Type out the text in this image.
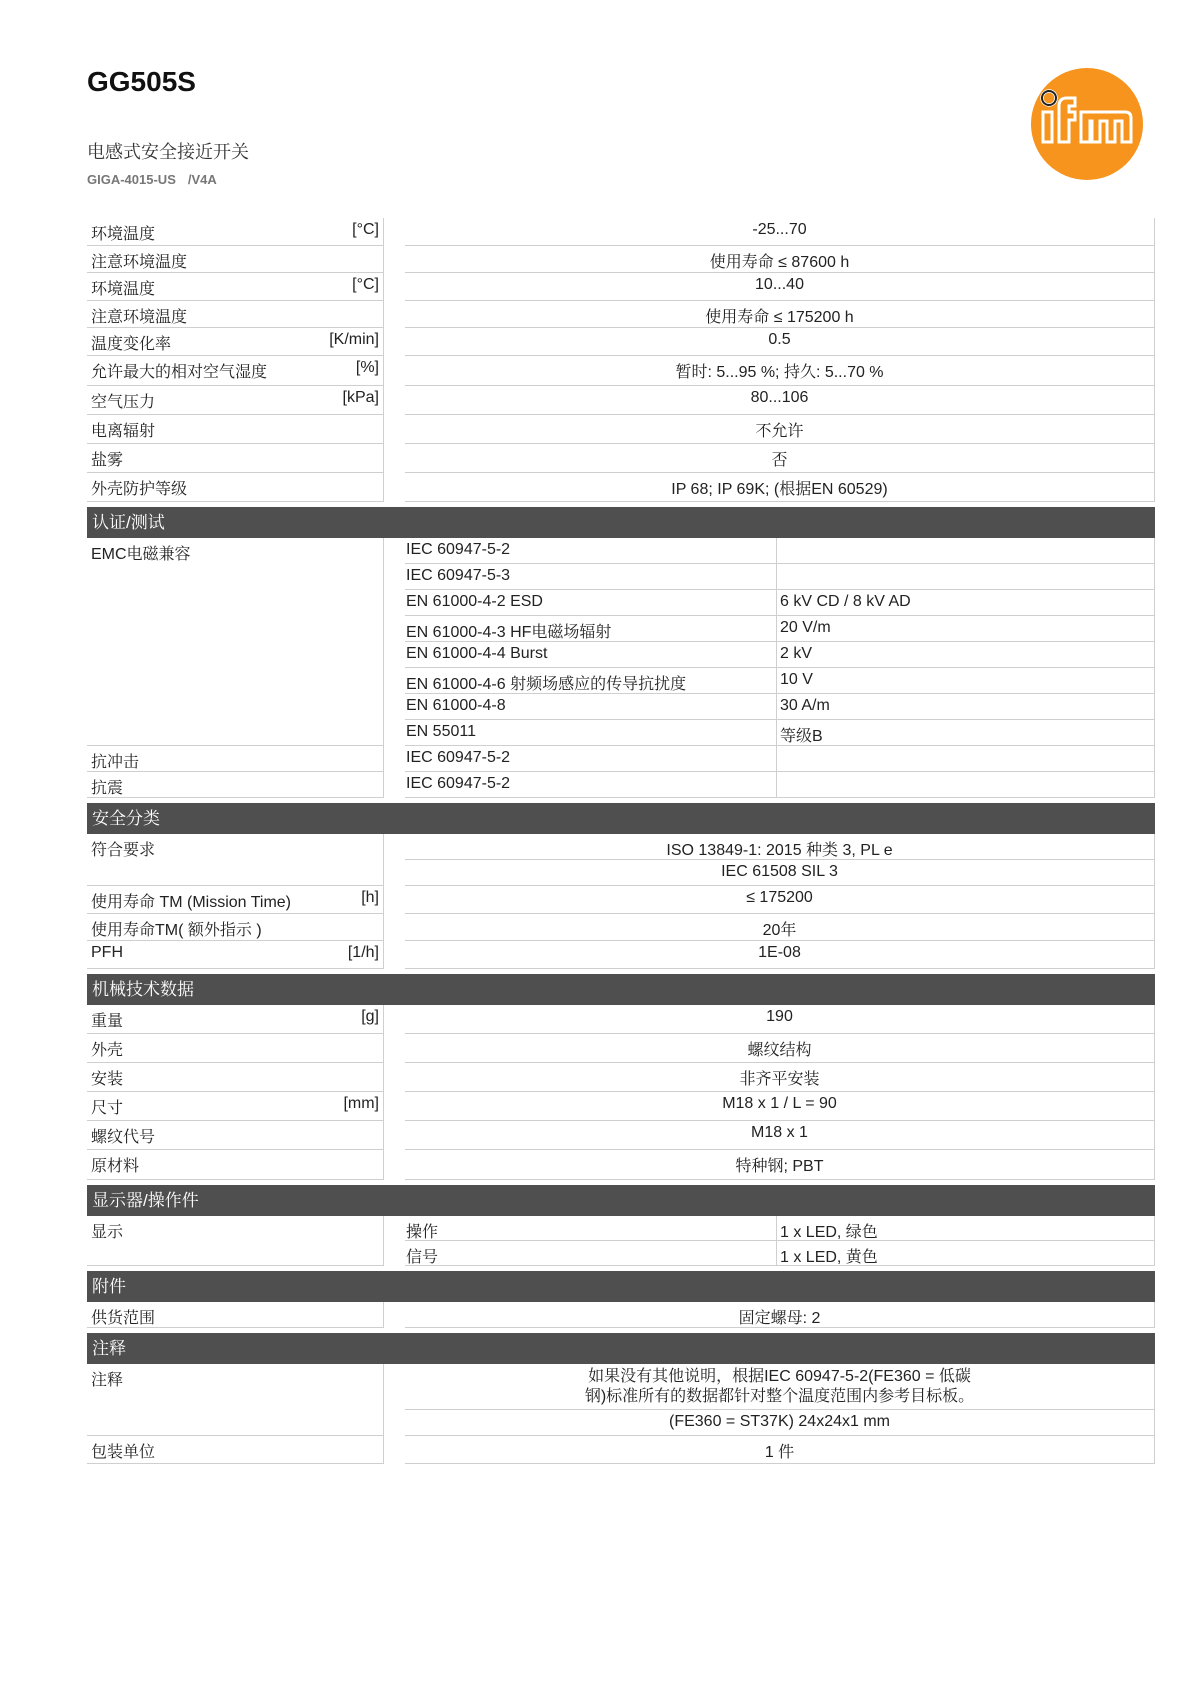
GG505S
电感式安全接近开关
GIGA-4015-US /V4A
ifm
环境温度	[°C]	-25...70
注意环境温度	使用寿命 ≤ 87600 h
环境温度	[°C]	10...40
注意环境温度	使用寿命 ≤ 175200 h
温度变化率	[K/min]	0.5
允许最大的相对空气湿度	[%]	暂时: 5...95 %; 持久: 5...70 %
空气压力	[kPa]	80...106
电离辐射	不允许
盐雾	否
外壳防护等级	IP 68; IP 69K; (根据EN 60529)
认证/测试
EMC电磁兼容	IEC 60947-5-2
IEC 60947-5-3
EN 61000-4-2 ESD	6 kV CD / 8 kV AD
EN 61000-4-3 HF电磁场辐射	20 V/m
EN 61000-4-4 Burst	2 kV
EN 61000-4-6 射频场感应的传导抗扰度	10 V
EN 61000-4-8	30 A/m
EN 55011	等级B
抗冲击	IEC 60947-5-2
抗震	IEC 60947-5-2
安全分类
符合要求	ISO 13849-1: 2015 种类 3, PL e
IEC 61508 SIL 3
使用寿命 TM (Mission Time)	[h]	≤ 175200
使用寿命TM( 额外指示 )	20年
PFH	[1/h]	1E-08
机械技术数据
重量	[g]	190
外壳	螺纹结构
安装	非齐平安装
尺寸	[mm]	M18 x 1 / L = 90
螺纹代号	M18 x 1
原材料	特种钢; PBT
显示器/操作件
显示	操作	1 x LED, 绿色
信号	1 x LED, 黄色
附件
供货范围	固定螺母: 2
注释
注释	如果没有其他说明，根据IEC 60947-5-2(FE360 = 低碳
钢)标准所有的数据都针对整个温度范围内参考目标板。
(FE360 = ST37K) 24x24x1 mm
包装单位	1 件
